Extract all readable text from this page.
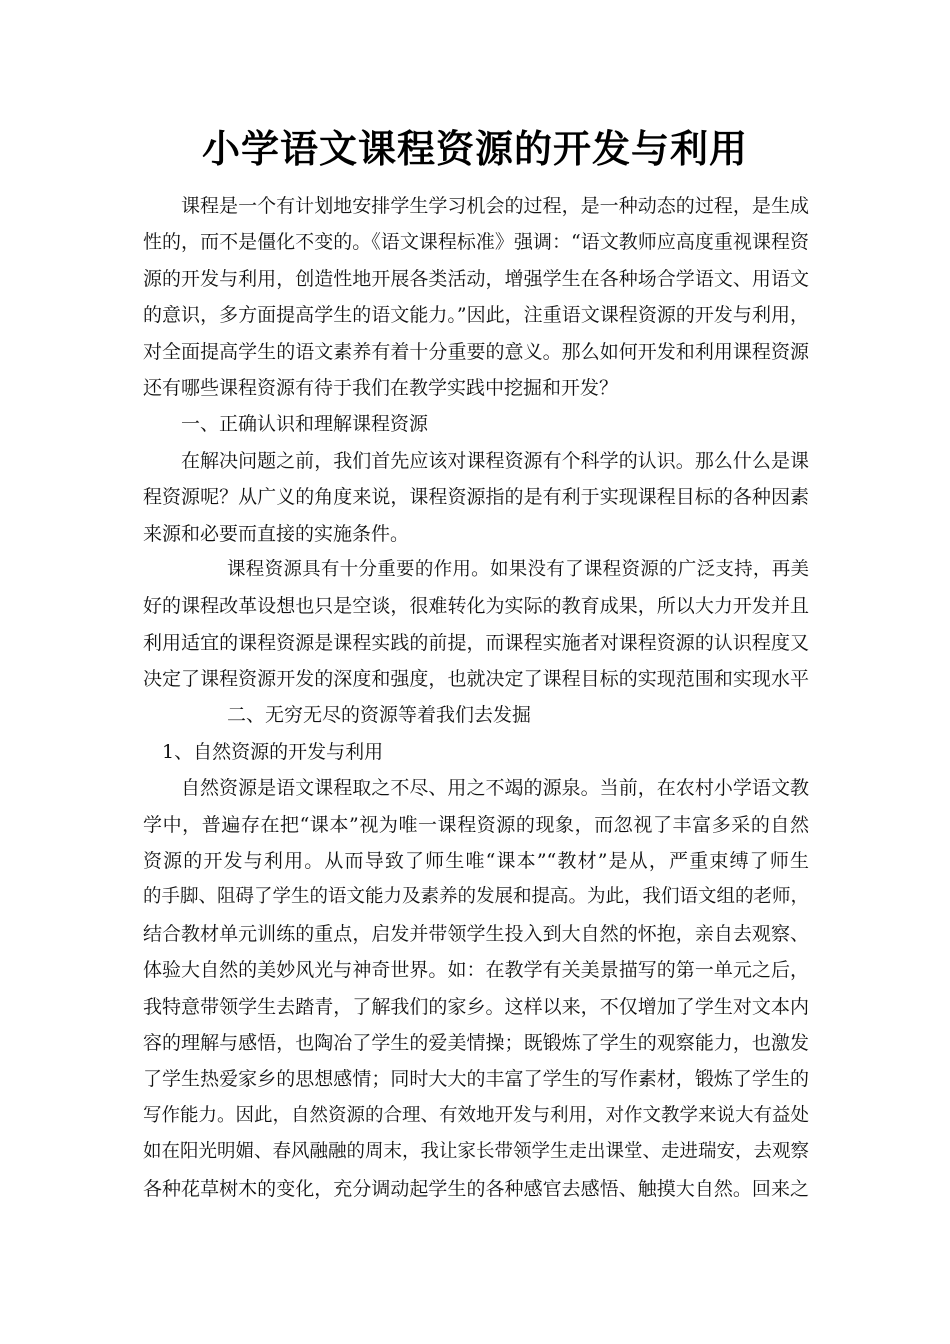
小学语文课程资源的开发与利用
课程是一个有计划地安排学生学习机会的过程，是一种动态的过程，是生成
性的，而不是僵化不变的。《语文课程标准》强调：“语文教师应高度重视课程资
源的开发与利用，创造性地开展各类活动，增强学生在各种场合学语文、用语文
的意识，多方面提高学生的语文能力。”因此，注重语文课程资源的开发与利用，
对全面提高学生的语文素养有着十分重要的意义。那么如何开发和利用课程资源
还有哪些课程资源有待于我们在教学实践中挖掘和开发？
一、正确认识和理解课程资源
在解决问题之前，我们首先应该对课程资源有个科学的认识。那么什么是课
程资源呢？从广义的角度来说，课程资源指的是有利于实现课程目标的各种因素
来源和必要而直接的实施条件。
课程资源具有十分重要的作用。如果没有了课程资源的广泛支持，再美
好的课程改革设想也只是空谈，很难转化为实际的教育成果，所以大力开发并且
利用适宜的课程资源是课程实践的前提，而课程实施者对课程资源的认识程度又
决定了课程资源开发的深度和强度，也就决定了课程目标的实现范围和实现水平
二、无穷无尽的资源等着我们去发掘
1、自然资源的开发与利用
自然资源是语文课程取之不尽、用之不竭的源泉。当前，在农村小学语文教
学中，普遍存在把“课本”视为唯一课程资源的现象，而忽视了丰富多采的自然
资源的开发与利用。从而导致了师生唯“课本”“教材”是从，严重束缚了师生
的手脚、阻碍了学生的语文能力及素养的发展和提高。为此，我们语文组的老师，
结合教材单元训练的重点，启发并带领学生投入到大自然的怀抱，亲自去观察、
体验大自然的美妙风光与神奇世界。如：在教学有关美景描写的第一单元之后，
我特意带领学生去踏青，了解我们的家乡。这样以来，不仅增加了学生对文本内
容的理解与感悟，也陶冶了学生的爱美情操；既锻炼了学生的观察能力，也激发
了学生热爱家乡的思想感情；同时大大的丰富了学生的写作素材，锻炼了学生的
写作能力。因此，自然资源的合理、有效地开发与利用，对作文教学来说大有益处
如在阳光明媚、春风融融的周末，我让家长带领学生走出课堂、走进瑞安，去观察
各种花草树木的变化，充分调动起学生的各种感官去感悟、触摸大自然。回来之
